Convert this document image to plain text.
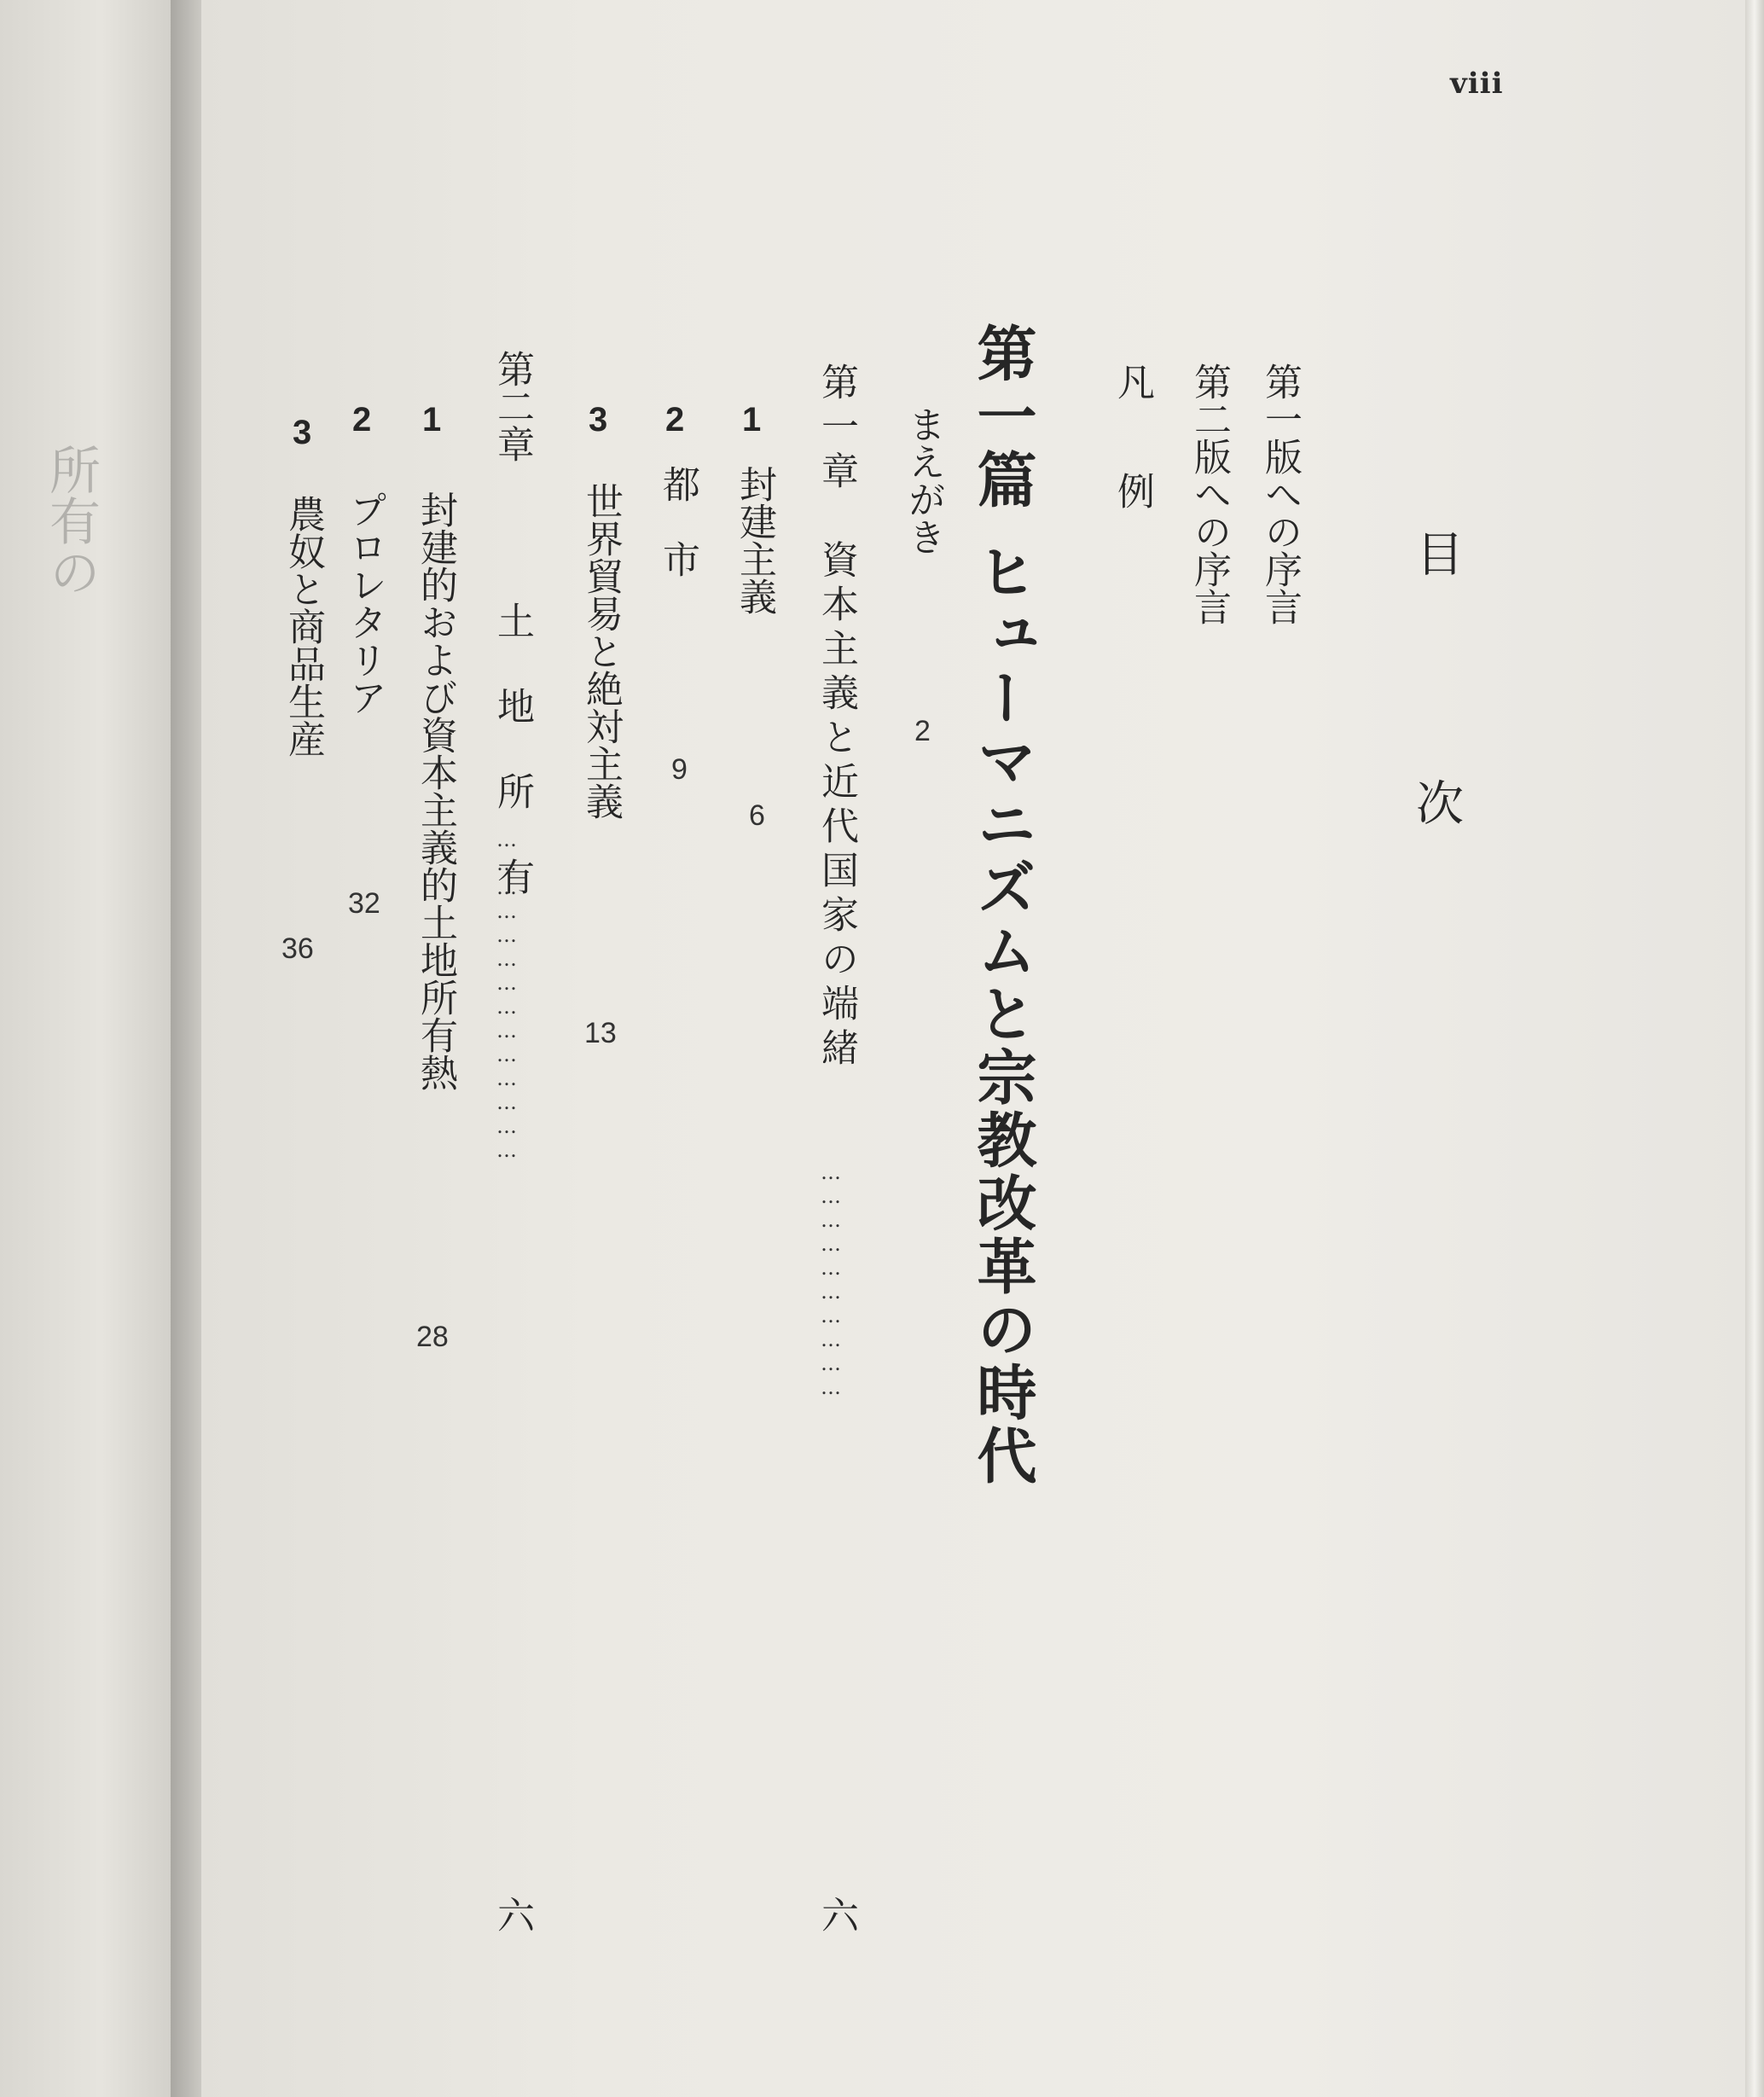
所有の
viii
目　次
第一版への序言
第二版への序言
凡　例
第一篇ヒューマニズムと宗教改革の時代
まえがき
2
第一章　資本主義と近代国家の端緒
…………………………
六
1
封建主義
6
2
都　市
9
3
世界貿易と絶対主義
13
第二章
土　地　所　有
……………………………………
六
1
封建的および資本主義的土地所有熱
28
2
プロレタリア
32
3
農奴と商品生産
36
